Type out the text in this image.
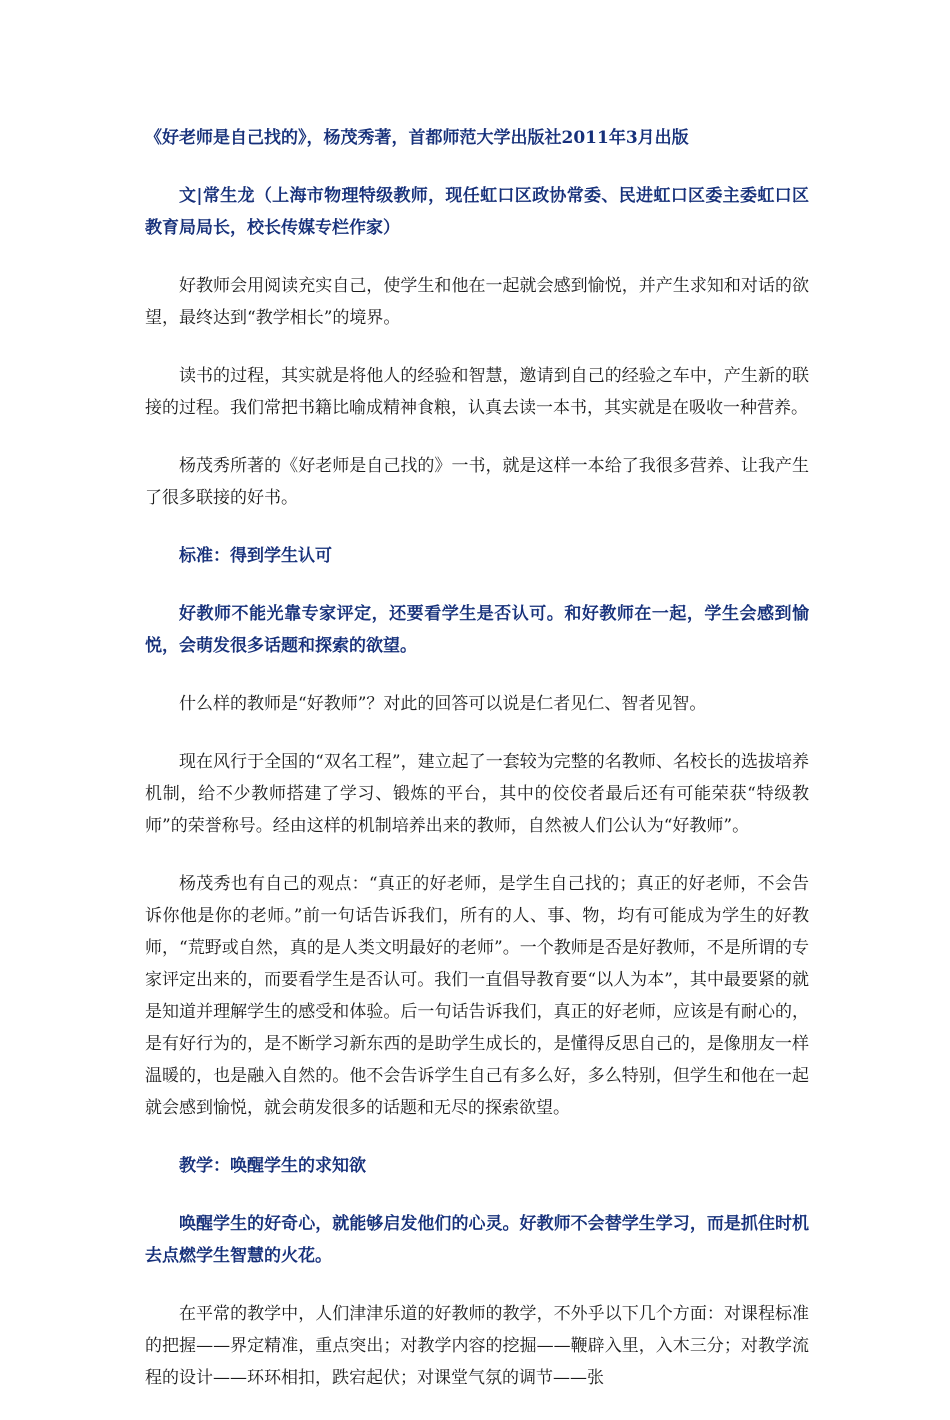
《好老师是自己找的》，杨茂秀著，首都师范大学出版社2011年3月出版

文|常生龙（上海市物理特级教师，现任虹口区政协常委、民进虹口区委主委虹口区教育局局长，校长传媒专栏作家）

好教师会用阅读充实自己，使学生和他在一起就会感到愉悦，并产生求知和对话的欲望，最终达到“教学相长”的境界。

读书的过程，其实就是将他人的经验和智慧，邀请到自己的经验之车中，产生新的联接的过程。我们常把书籍比喻成精神食粮，认真去读一本书，其实就是在吸收一种营养。

杨茂秀所著的《好老师是自己找的》一书，就是这样一本给了我很多营养、让我产生了很多联接的好书。

标准：得到学生认可

好教师不能光靠专家评定，还要看学生是否认可。和好教师在一起，学生会感到愉悦，会萌发很多话题和探索的欲望。

什么样的教师是“好教师”？对此的回答可以说是仁者见仁、智者见智。

现在风行于全国的“双名工程”，建立起了一套较为完整的名教师、名校长的选拔培养机制，给不少教师搭建了学习、锻炼的平台，其中的佼佼者最后还有可能荣获“特级教师”的荣誉称号。经由这样的机制培养出来的教师，自然被人们公认为“好教师”。

杨茂秀也有自己的观点：“真正的好老师，是学生自己找的；真正的好老师，不会告诉你他是你的老师。”前一句话告诉我们，所有的人、事、物，均有可能成为学生的好教师，“荒野或自然，真的是人类文明最好的老师”。一个教师是否是好教师，不是所谓的专家评定出来的，而要看学生是否认可。我们一直倡导教育要“以人为本”，其中最要紧的就是知道并理解学生的感受和体验。后一句话告诉我们，真正的好老师，应该是有耐心的，是有好行为的，是不断学习新东西的是助学生成长的，是懂得反思自己的，是像朋友一样温暖的，也是融入自然的。他不会告诉学生自己有多么好，多么特别，但学生和他在一起就会感到愉悦，就会萌发很多的话题和无尽的探索欲望。

教学：唤醒学生的求知欲

唤醒学生的好奇心，就能够启发他们的心灵。好教师不会替学生学习，而是抓住时机去点燃学生智慧的火花。

在平常的教学中，人们津津乐道的好教师的教学，不外乎以下几个方面：对课程标准的把握——界定精准，重点突出；对教学内容的挖掘——鞭辟入里，入木三分；对教学流程的设计——环环相扣，跌宕起伏；对课堂气氛的调节——张
